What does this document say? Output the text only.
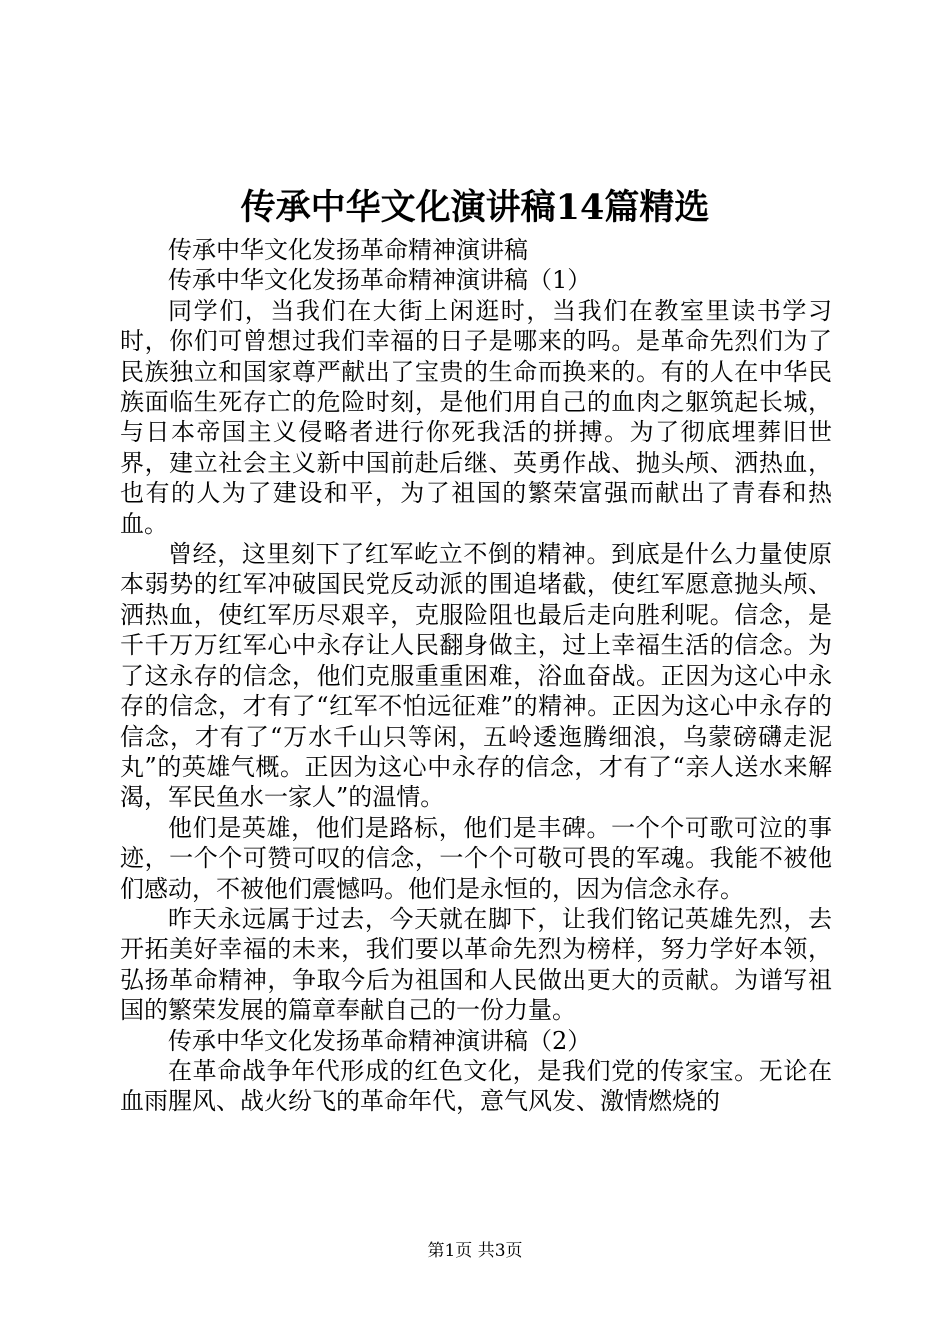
传承中华文化演讲稿14篇精选

传承中华文化发扬革命精神演讲稿

传承中华文化发扬革命精神演讲稿（1）

同学们，当我们在大街上闲逛时，当我们在教室里读书学习时，你们可曾想过我们幸福的日子是哪来的吗。是革命先烈们为了民族独立和国家尊严献出了宝贵的生命而换来的。有的人在中华民族面临生死存亡的危险时刻，是他们用自己的血肉之躯筑起长城，与日本帝国主义侵略者进行你死我活的拼搏。为了彻底埋葬旧世界，建立社会主义新中国前赴后继、英勇作战、抛头颅、洒热血，也有的人为了建设和平，为了祖国的繁荣富强而献出了青春和热血。

曾经，这里刻下了红军屹立不倒的精神。到底是什么力量使原本弱势的红军冲破国民党反动派的围追堵截，使红军愿意抛头颅、洒热血，使红军历尽艰辛，克服险阻也最后走向胜利呢。信念，是千千万万红军心中永存让人民翻身做主，过上幸福生活的信念。为了这永存的信念，他们克服重重困难，浴血奋战。正因为这心中永存的信念，才有了“红军不怕远征难”的精神。正因为这心中永存的信念，才有了“万水千山只等闲，五岭逶迤腾细浪，乌蒙磅礴走泥丸”的英雄气概。正因为这心中永存的信念，才有了“亲人送水来解渴，军民鱼水一家人”的温情。

他们是英雄，他们是路标，他们是丰碑。一个个可歌可泣的事迹，一个个可赞可叹的信念，一个个可敬可畏的军魂。我能不被他们感动，不被他们震憾吗。他们是永恒的，因为信念永存。

昨天永远属于过去，今天就在脚下，让我们铭记英雄先烈，去开拓美好幸福的未来，我们要以革命先烈为榜样，努力学好本领，弘扬革命精神，争取今后为祖国和人民做出更大的贡献。为谱写祖国的繁荣发展的篇章奉献自己的一份力量。

传承中华文化发扬革命精神演讲稿（2）

在革命战争年代形成的红色文化，是我们党的传家宝。无论在血雨腥风、战火纷飞的革命年代，意气风发、激情燃烧的

第1页 共3页
